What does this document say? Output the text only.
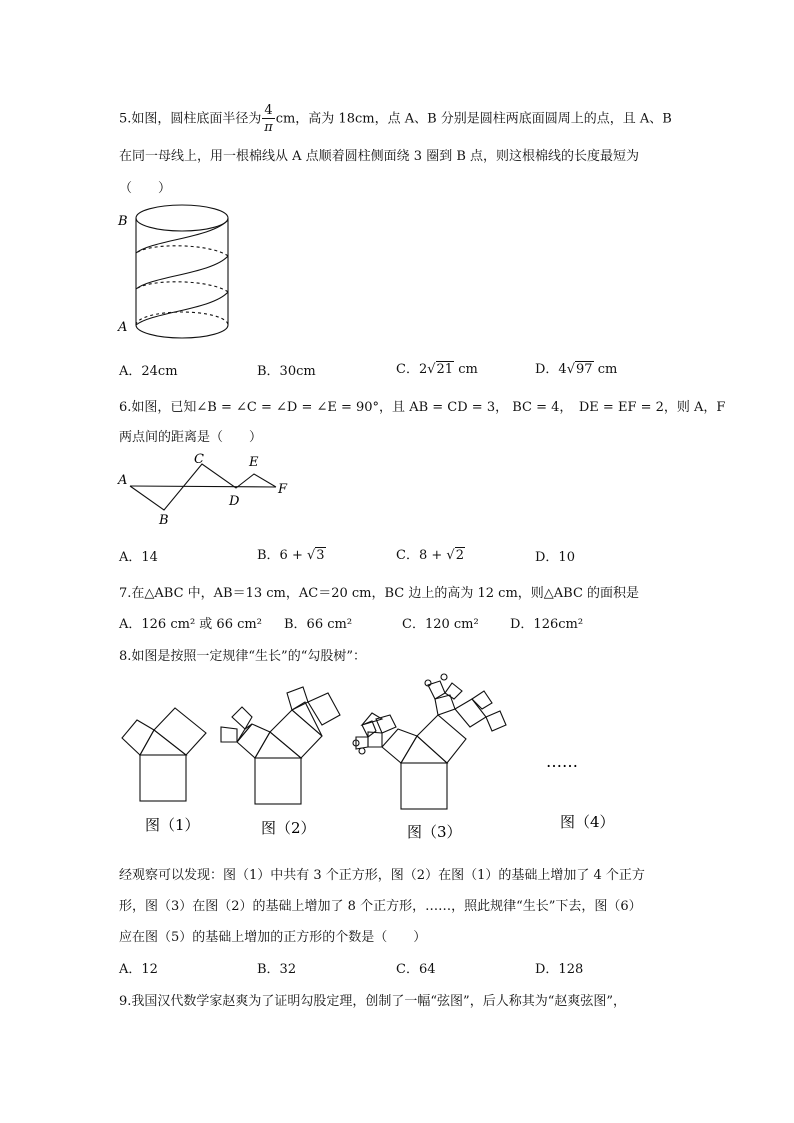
5.如图，圆柱底面半径为 $\frac{4}{\pi}$ cm，高为 18cm，点 A、B 分别是圆柱两底面圆周上的点，且 A、B
在同一母线上，用一根棉线从 A 点顺着圆柱侧面绕 3 圈到 B 点，则这根棉线的长度最短为
（　　）
B
A
A．24cm	B．30cm	C．2√21 cm	D．4√97 cm
6.如图，已知∠B = ∠C = ∠D = ∠E = 90°，且 AB = CD = 3， BC = 4，　DE = EF = 2，则 A，F
两点间的距离是（　　）
A
B
C
D
E
F
A．14	B．6 + √3	C．8 + √2	D．10
7.在△ABC 中，AB＝13 cm，AC＝20 cm，BC 边上的高为 12 cm，则△ABC 的面积是
A．126 cm² 或 66 cm² B．66 cm²	C．120 cm² D．126cm²
8.如图是按照一定规律“生长”的“勾股树”：
图（1）	图（2）	图（3）
图（4）
……
经观察可以发现：图（1）中共有 3 个正方形，图（2）在图（1）的基础上增加了 4 个正方
形，图（3）在图（2）的基础上增加了 8 个正方形，……，照此规律“生长”下去，图（6）
应在图（5）的基础上增加的正方形的个数是（　　）
A．12	B．32	C．64	D．128
9.我国汉代数学家赵爽为了证明勾股定理，创制了一幅“弦图”，后人称其为“赵爽弦图”，
